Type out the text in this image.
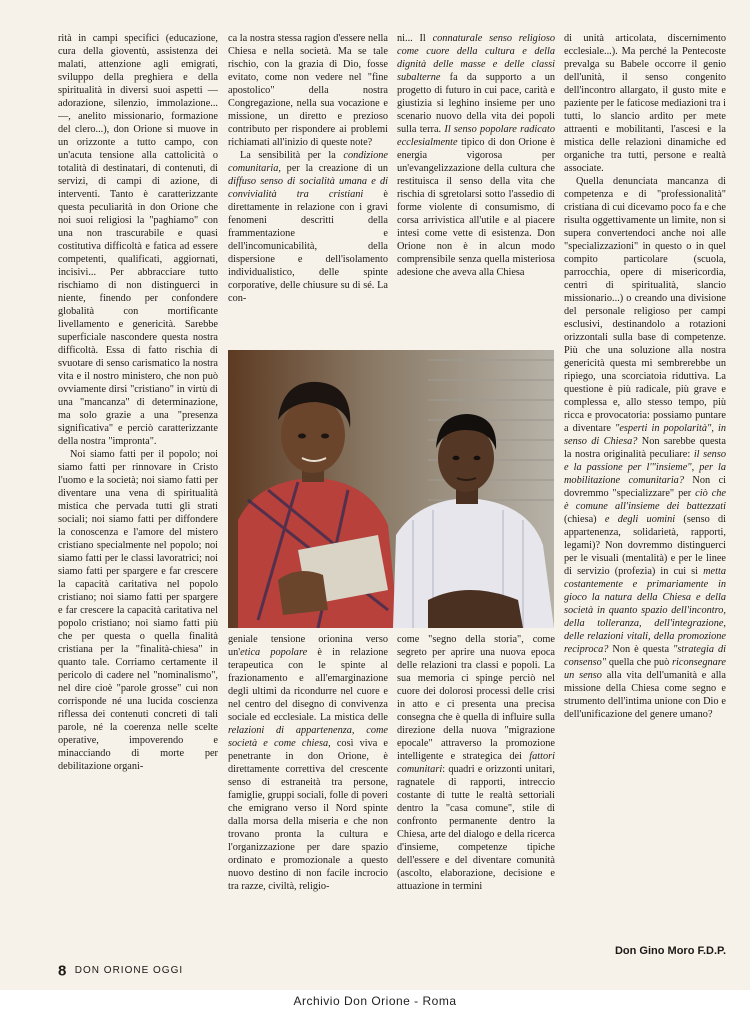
rità in campi specifici (educazione, cura della gioventù, assistenza dei malati, attenzione agli emigrati, sviluppo della preghiera e della spiritualità in diversi suoi aspetti — adorazione, silenzio, immolazione... —, anelito missionario, formazione del clero...), don Orione si muove in un orizzonte a tutto campo, con un'acuta tensione alla cattolicità o totalità di destinatari, di contenuti, di servizi, di campi di azione, di interventi. Tanto è caratterizzante questa peculiarità in don Orione che noi suoi religiosi la "paghiamo" con una non trascurabile e quasi costitutiva difficoltà e fatica ad essere competenti, qualificati, aggiornati, incisivi... Per abbracciare tutto rischiamo di non distinguerci in niente, finendo per confondere globalità con mortificante livellamento e genericità. Sarebbe superficiale nascondere questa nostra difficoltà. Essa di fatto rischia di svuotare di senso carismatico la nostra vita e il nostro ministero, che non può ovviamente dirsi "cristiano" in virtù di una "mancanza" di determinazione, ma solo grazie a una "presenza significativa" e perciò caratterizzante della nostra "impronta".

Noi siamo fatti per il popolo; noi siamo fatti per rinnovare in Cristo l'uomo e la società; noi siamo fatti per diventare una vena di spiritualità mistica che pervada tutti gli strati sociali; noi siamo fatti per diffondere la conoscenza e l'amore del mistero cristiano specialmente nel popolo; noi siamo fatti per le classi lavoratrici; noi siamo fatti per spargere e far crescere la capacità caritativa nel popolo cristiano; noi siamo fatti per spargere e far crescere la capacità caritativa nel popolo cristiano; noi siamo fatti più che per questa o quella finalità cristiana per la "finalità-chiesa" in quanto tale. Corriamo certamente il pericolo di cadere nel "nominalismo", nel dire cioè "parole grosse" cui non corrisponde né una lucida coscienza riflessa dei contenuti concreti di tali parole, né la coerenza nelle scelte operative, impoverendo e minacciando di morte per debilitazione organi-

ca la nostra stessa ragion d'essere nella Chiesa e nella società. Ma se tale rischio, con la grazia di Dio, fosse evitato, come non vedere nel "fine apostolico" della nostra Congregazione, nella sua vocazione e missione, un diretto e prezioso contributo per rispondere ai problemi richiamati all'inizio di queste note?

La sensibilità per la condizione comunitaria, per la creazione di un diffuso senso di socialità umana e di convivialità tra cristiani è direttamente in relazione con i gravi fenomeni descritti della frammentazione e dell'incomunicabilità, della dispersione e dell'isolamento individualistico, delle spinte corporative, delle chiusure su di sé. La con-

ni... Il connaturale senso religioso come cuore della cultura e della dignità delle masse e delle classi subalterne fa da supporto a un progetto di futuro in cui pace, carità e giustizia si leghino insieme per uno scenario nuovo della vita dei popoli sulla terra. Il senso popolare radicato ecclesialmente tipico di don Orione è energia vigorosa per un'evangelizzazione della cultura che restituisca il senso della vita che rischia di sgretolarsi sotto l'assedio di forme violente di consumismo, di corsa arrivistica all'utile e al piacere intesi come vette di esistenza. Don Orione non è in alcun modo comprensibile senza quella misteriosa adesione che aveva alla Chiesa

geniale tensione orionina verso un'etica popolare è in relazione terapeutica con le spinte al frazionamento e all'emarginazione degli ultimi da ricondurre nel cuore e nel centro del disegno di convivenza sociale ed ecclesiale. La mistica delle relazioni di appartenenza, come società e come chiesa, così viva e penetrante in don Orione, è direttamente correttiva del crescente senso di estraneità tra persone, famiglie, gruppi sociali, folle di poveri che emigrano verso il Nord spinte dalla morsa della miseria e che non trovano pronta la cultura e l'organizzazione per dare spazio ordinato e promozionale a questo nuovo destino di non facile incrocio tra razze, civiltà, religio-

come "segno della storia", come segreto per aprire una nuova epoca delle relazioni tra classi e popoli. La sua memoria ci spinge perciò nel cuore dei dolorosi processi delle crisi in atto e ci presenta una precisa consegna che è quella di influire sulla direzione della nuova "migrazione epocale" attraverso la promozione intelligente e strategica dei fattori comunitari: quadri e orizzonti unitari, ragnatele di rapporti, intreccio costante di tutte le realtà settoriali dentro la "casa comune", stile di confronto permanente dentro la Chiesa, arte del dialogo e della ricerca d'insieme, competenze tipiche dell'essere e del diventare comunità (ascolto, elaborazione, decisione e attuazione in termini

di unità articolata, discernimento ecclesiale...). Ma perché la Pentecoste prevalga su Babele occorre il genio dell'unità, il senso congenito dell'incontro allargato, il gusto mite e paziente per le faticose mediazioni tra i tutti, lo slancio ardito per mete attraenti e mobilitanti, l'ascesi e la mistica delle relazioni dinamiche ed organiche tra tutti, persone e realtà associate.

Quella denunciata mancanza di competenza e di "professionalità" cristiana di cui dicevamo poco fa e che risulta oggettivamente un limite, non si supera convertendoci anche noi alle "specializzazioni" in questo o in quel compito particolare (scuola, parrocchia, opere di misericordia, centri di spiritualità, slancio missionario...) o creando una divisione del personale religioso per campi esclusivi, destinandolo a rotazioni orizzontali sulla base di competenze. Più che una soluzione alla nostra genericità questa mi sembrerebbe un ripiego, una scorciatoia riduttiva. La questione è più radicale, più grave e complessa e, allo stesso tempo, più ricca e provocatoria: possiamo puntare a diventare "esperti in popolarità", in senso di Chiesa? Non sarebbe questa la nostra originalità peculiare: il senso e la passione per l'"insieme", per la mobilitazione comunitaria? Non ci dovremmo "specializzare" per ciò che è comune all'insieme dei battezzati (chiesa) e degli uomini (senso di appartenenza, solidarietà, rapporti, legami)? Non dovremmo distinguerci per le visuali (mentalità) e per le linee di servizio (profezia) in cui si metta costantemente e primariamente in gioco la natura della Chiesa e della società in quanto spazio dell'incontro, della tolleranza, dell'integrazione, delle relazioni vitali, della promozione reciproca? Non è questa "strategia di consenso" quella che può riconsegnare un senso alla vita dell'umanità e alla missione della Chiesa come segno e strumento dell'intima unione con Dio e dell'unificazione del genere umano?

Don Gino Moro F.D.P.

8 DON ORIONE OGGI
Archivio Don Orione - Roma
